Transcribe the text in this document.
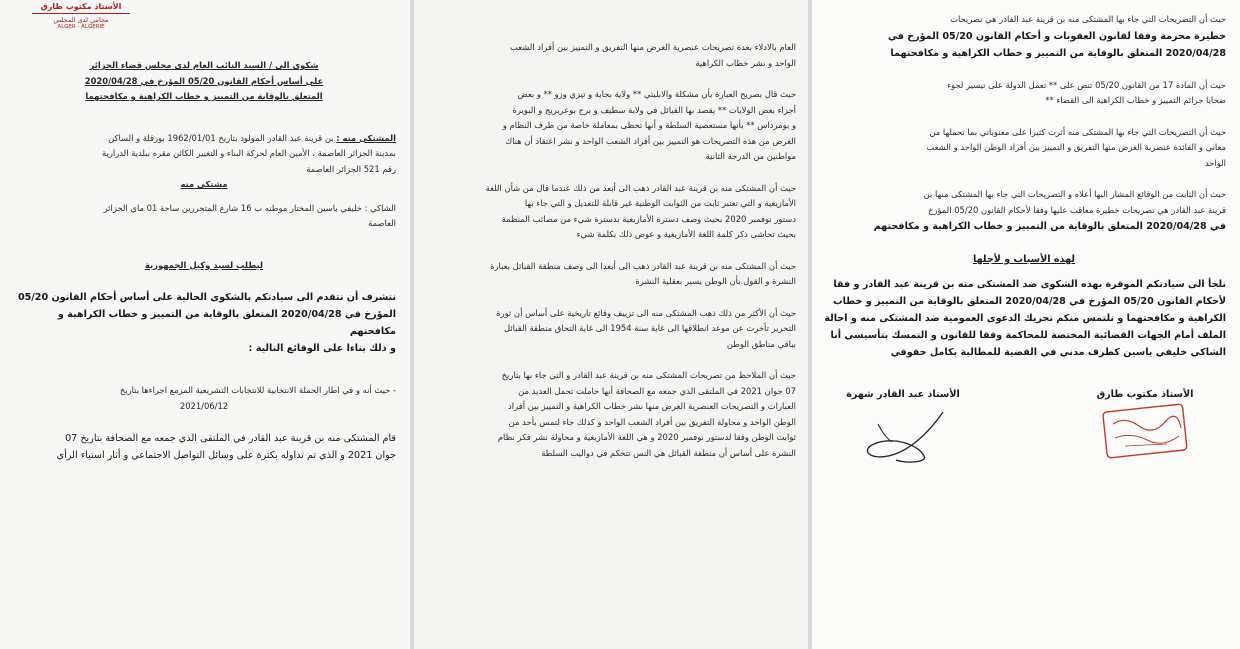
الأستاذ مكتوب طارق
محامي لدى المجلس
ALGER - ALGERIE

شكوى الى / السيد النائب العام لدى مجلس قضاء الجزائر

على أساس أحكام القانون 05/20 المؤرخ في 2020/04/28

المتعلق بالوقاية من التمييز و خطاب الكراهية و مكافحتهما

المشتكى منه : بن قرينة عبد القادر المولود بتاريخ 1962/01/01 بورقلة و الساكن

بمدينة الجزائر العاصمة ، الأمين العام لحركة البناء و التغيير الكائن مقره ببلدية الدرارية

رقم 521 الجزائر العاصمة

مشتكى منه

الشاكي : خليفي ياسين المختار موطنه ب 16 شارع المتحررين ساحة 01 ماي الجزائر

العاصمة

ليطلب لسيد وكيل الجمهورية

نتشرف أن نتقدم الى سيادتكم بالشكوى الحالية على أساس أحكام القانون 05/20

المؤرخ في 2020/04/28 المتعلق بالوقاية من التمييز و خطاب الكراهية و مكافحتهم

و ذلك بناءا على الوقائع التالية :

- حيث أنه و في اطار الحملة الانتخابية للانتخابات التشريعية المزمع اجراءها بتاريخ

2021/06/12

قام المشتكى منه بن قرينة عبد القادر في الملتقى الذي جمعه مع الصحافة بتاريخ 07

جوان 2021 و الذي تم تداوله بكثرة على وسائل التواصل الاجتماعي و أثار استياء الرأي

العام بالادلاء بعدة تصريحات عنصرية الغرض منها التفريق و التمييز بين أفراد الشعب

الواحد و نشر خطاب الكراهية

حيث قال بصريح العبارة بأن مشكلة والابليتي ** ولاية بجاية و تيزي وزو ** و بعض

أجزاء بعض الولايات ** يقصد بها القبائل في ولاية سطيف و برج بوعريريج و البويرة

و بومرداس ** بأنها مستعصية السلطة و أنها تحظى بمعاملة خاصة من طرف النظام و

الغرض من هذه التصريحات هو التمييز بين أفراد الشعب الواحد و نشر اعتقاد أن هناك

مواطنين من الدرجة الثانية

حيث أن المشتكى منه بن قرينة عبد القادر ذهب الى أبعد من ذلك عندما قال من شأن اللغة

الأمازيغية و التي تعتبر ثابت من الثوابت الوطنية غير قابلة للتعديل و التي جاء بها

دستور نوفمبر 2020 بحيث وصف دسترة الأمازيغية بدسترة شيء من مصائب المنظمة

بحيث تحاشى ذكر كلمة اللغة الأمازيغية و عوض ذلك بكلمة شيء

حيث أن المشتكى منه بن قرينة عبد القادر ذهب الى أبعدا الى وصف منطقة القبائل بعبارة

النشرة و القول بأن الوطن يسير بعقلية النشرة

حيث أن الأكثر من ذلك ذهب المشتكى منه الى تزييف وقائع تاريخية على أساس أن ثورة

التحرير تأخرت عن موعد انطلاقها الى غاية سنة 1954 الى غاية التحاق منطقة القبائل

بباقي مناطق الوطن

حيث أن الملاحظ من تصريحات المشتكى منه بن قرينة عبد القادر و التي جاء بها بتاريخ

07 جوان 2021 في الملتقى الذي جمعه مع الصحافة أنها حاملت تحمل العديد من

العبارات و التصريحات العنصرية الغرض منها نشر خطاب الكراهية و التمييز بين أفراد

الوطن الواحد و محاولة التفريق بين أفراد الشعب الواحد و كذلك جاء لتمس بأحد من

ثوابت الوطن وفقا لدستور نوفمبر 2020 و هي اللغة الأمازيغية و محاولة نشر فكر نظام

النشرة على أساس أن منطقة القبائل هي النس تتحكم في دواليب السلطة

حيث أن التصريحات التي جاء بها المشتكى منه بن قرينة عبد القادر هي تصريحات

خطيرة محرمة وفقا لقانون العقوبات و أحكام القانون 05/20 المؤرخ في

2020/04/28 المتعلق بالوقاية من التمييز و خطاب الكراهية و مكافحتهما

حيث أن المادة 17 من القانون 05/20 تنص على ** تعمل الدولة على تيسير لجوء

ضحايا جرائم التمييز و خطاب الكراهية الى القضاء **

حيث أن التصريحات التي جاء بها المشتكى منه أثرت كثيرا على معنوياتي بما تحملها من

معاني و الفائدة عنصرية الغرض منها التفريق و التمييز بين أفراد الوطن الواحد و الشعب

الواحد

حيث أن الثابت من الوقائع المشار اليها أعلاه و التصريحات التي جاء بها المشتكى منها بن

قرينة عبد القادر هي تصريحات خطيرة معاقب عليها وفقا لأحكام القانون 05/20 المؤرخ

في 2020/04/28 المتعلق بالوقاية من التمييز و خطاب الكراهية و مكافحتهم

لهذه الأسباب و لأجلها

نلجأ الى سيادتكم الموقرة بهذه الشكوى ضد المشتكى منه بن قرينة عبد القادر و فقا

لأحكام القانون 05/20 المؤرخ في 2020/04/28 المتعلق بالوقاية من التمييز و خطاب

الكراهية و مكافحتهما و نلتمس منكم تحريك الدعوى العمومية ضد المشتكى منه و احالة

الملف أمام الجهات القضائية المختصة للمحاكمة وفقا للقانون و التمسك بتأسيسي أنا

الشاكي خليفي ياسين كطرف مدني في القضية للمطالبة بكامل حقوقي

الأستاذ مكتوب طارق
الأستاذ عبد القادر شهرة
